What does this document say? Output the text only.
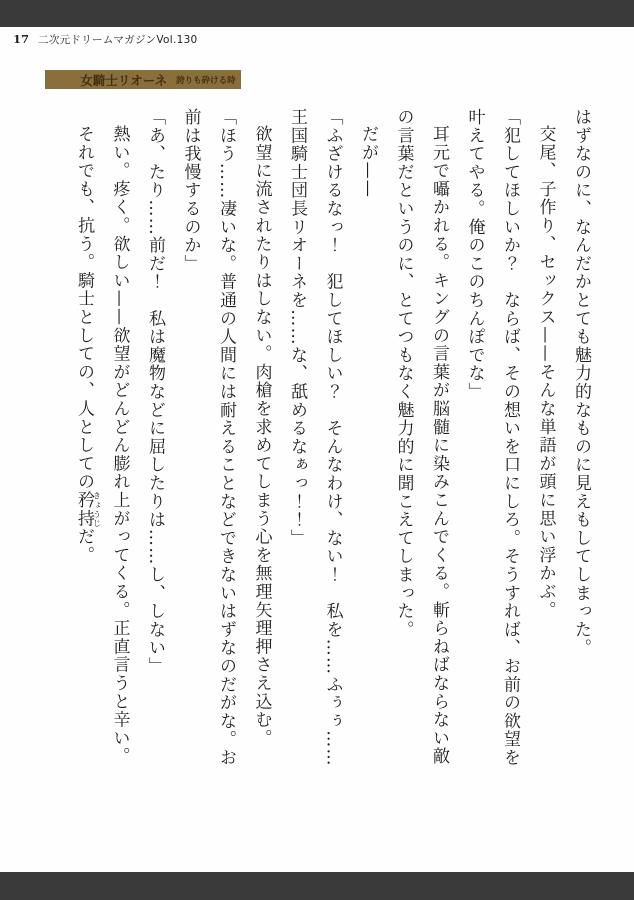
17 二次元ドリームマガジンVol.130
女騎士リオーネ 誇りも砕ける時

はずなのに、なんだかとても魅力的なものに見えもしてしまった。

交尾、子作り、セックス——そんな単語が頭に思い浮かぶ。

「犯してほしいか？　ならば、その想いを口にしろ。そうすれば、お前の欲望を叶えてやる。俺のこのちんぽでな」

耳元で囁かれる。キングの言葉が脳髄に染みこんでくる。斬らねばならない敵の言葉だというのに、とてつもなく魅力的に聞こえてしまった。

だが——

「ふざけるなっ！　犯してほしい？　そんなわけ、ない！　私を……ふぅぅ……王国騎士団長リオーネを……な、舐めるなぁっ！！」

欲望に流されたりはしない。肉槍を求めてしまう心を無理矢理押さえ込む。

「ほう……凄いな。普通の人間には耐えることなどできないはずなのだがな。お前は我慢するのか」

「あ、たり……前だ！　私は魔物などに屈したりは……し、しない」

熱い。疼く。欲しい——欲望がどんどん膨れ上がってくる。正直言うと辛い。

それでも、抗う。騎士としての、人としての矜持きょうじだ。
